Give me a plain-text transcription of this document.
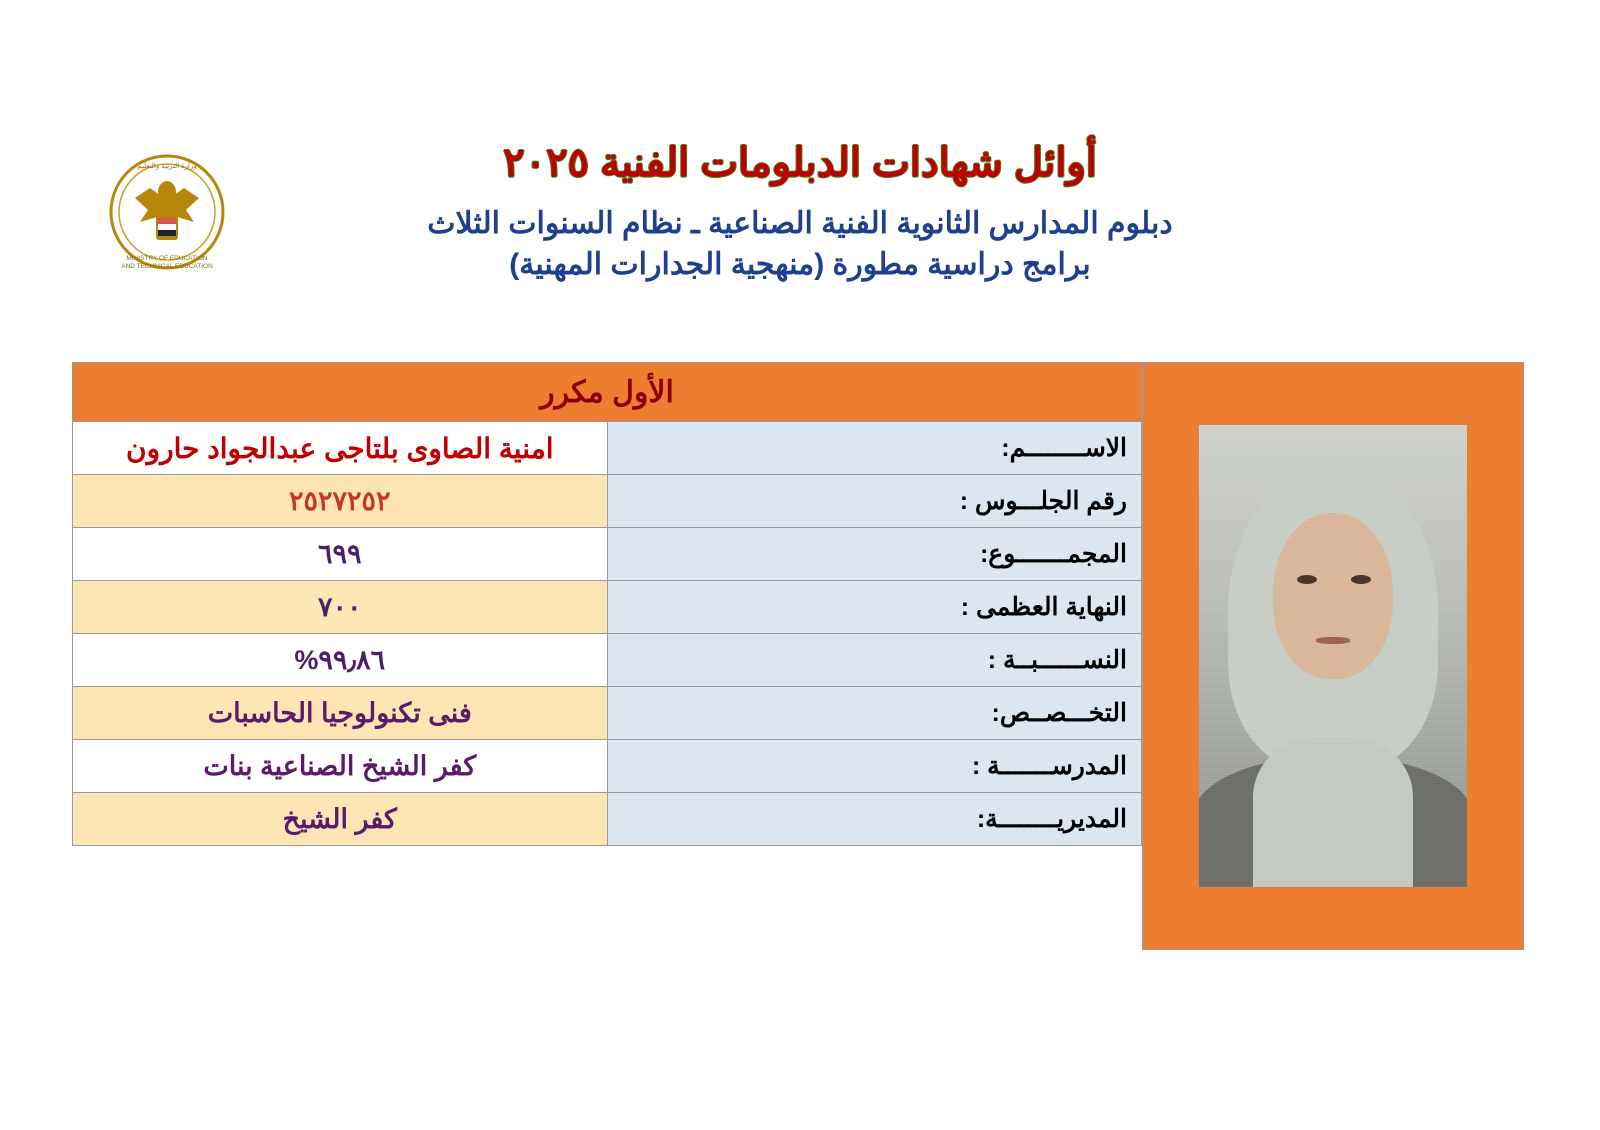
وزارة التربية والتعليم
MINISTRY OF EDUCATION
AND TECHNICAL EDUCATION
أوائل شهادات الدبلومات الفنية ٢٠٢٥
دبلوم المدارس الثانوية الفنية الصناعية ـ نظام السنوات الثلاث
برامج دراسية مطورة (منهجية الجدارات المهنية)
الأول مكرر	
الاســــــــم:	امنية الصاوى بلتاجى عبدالجواد حارون
رقم الجلـــوس :	٢٥٢٧٢٥٢
المجمـــــــوع:	٦٩٩
النهاية العظمى :	٧٠٠
النســــــبــة :	٩٩٫٨٦%
التخـــصــص:	فنى تكنولوجيا الحاسبات
المدرســـــــة :	كفر الشيخ الصناعية بنات
المديريــــــــة:	كفر الشيخ
